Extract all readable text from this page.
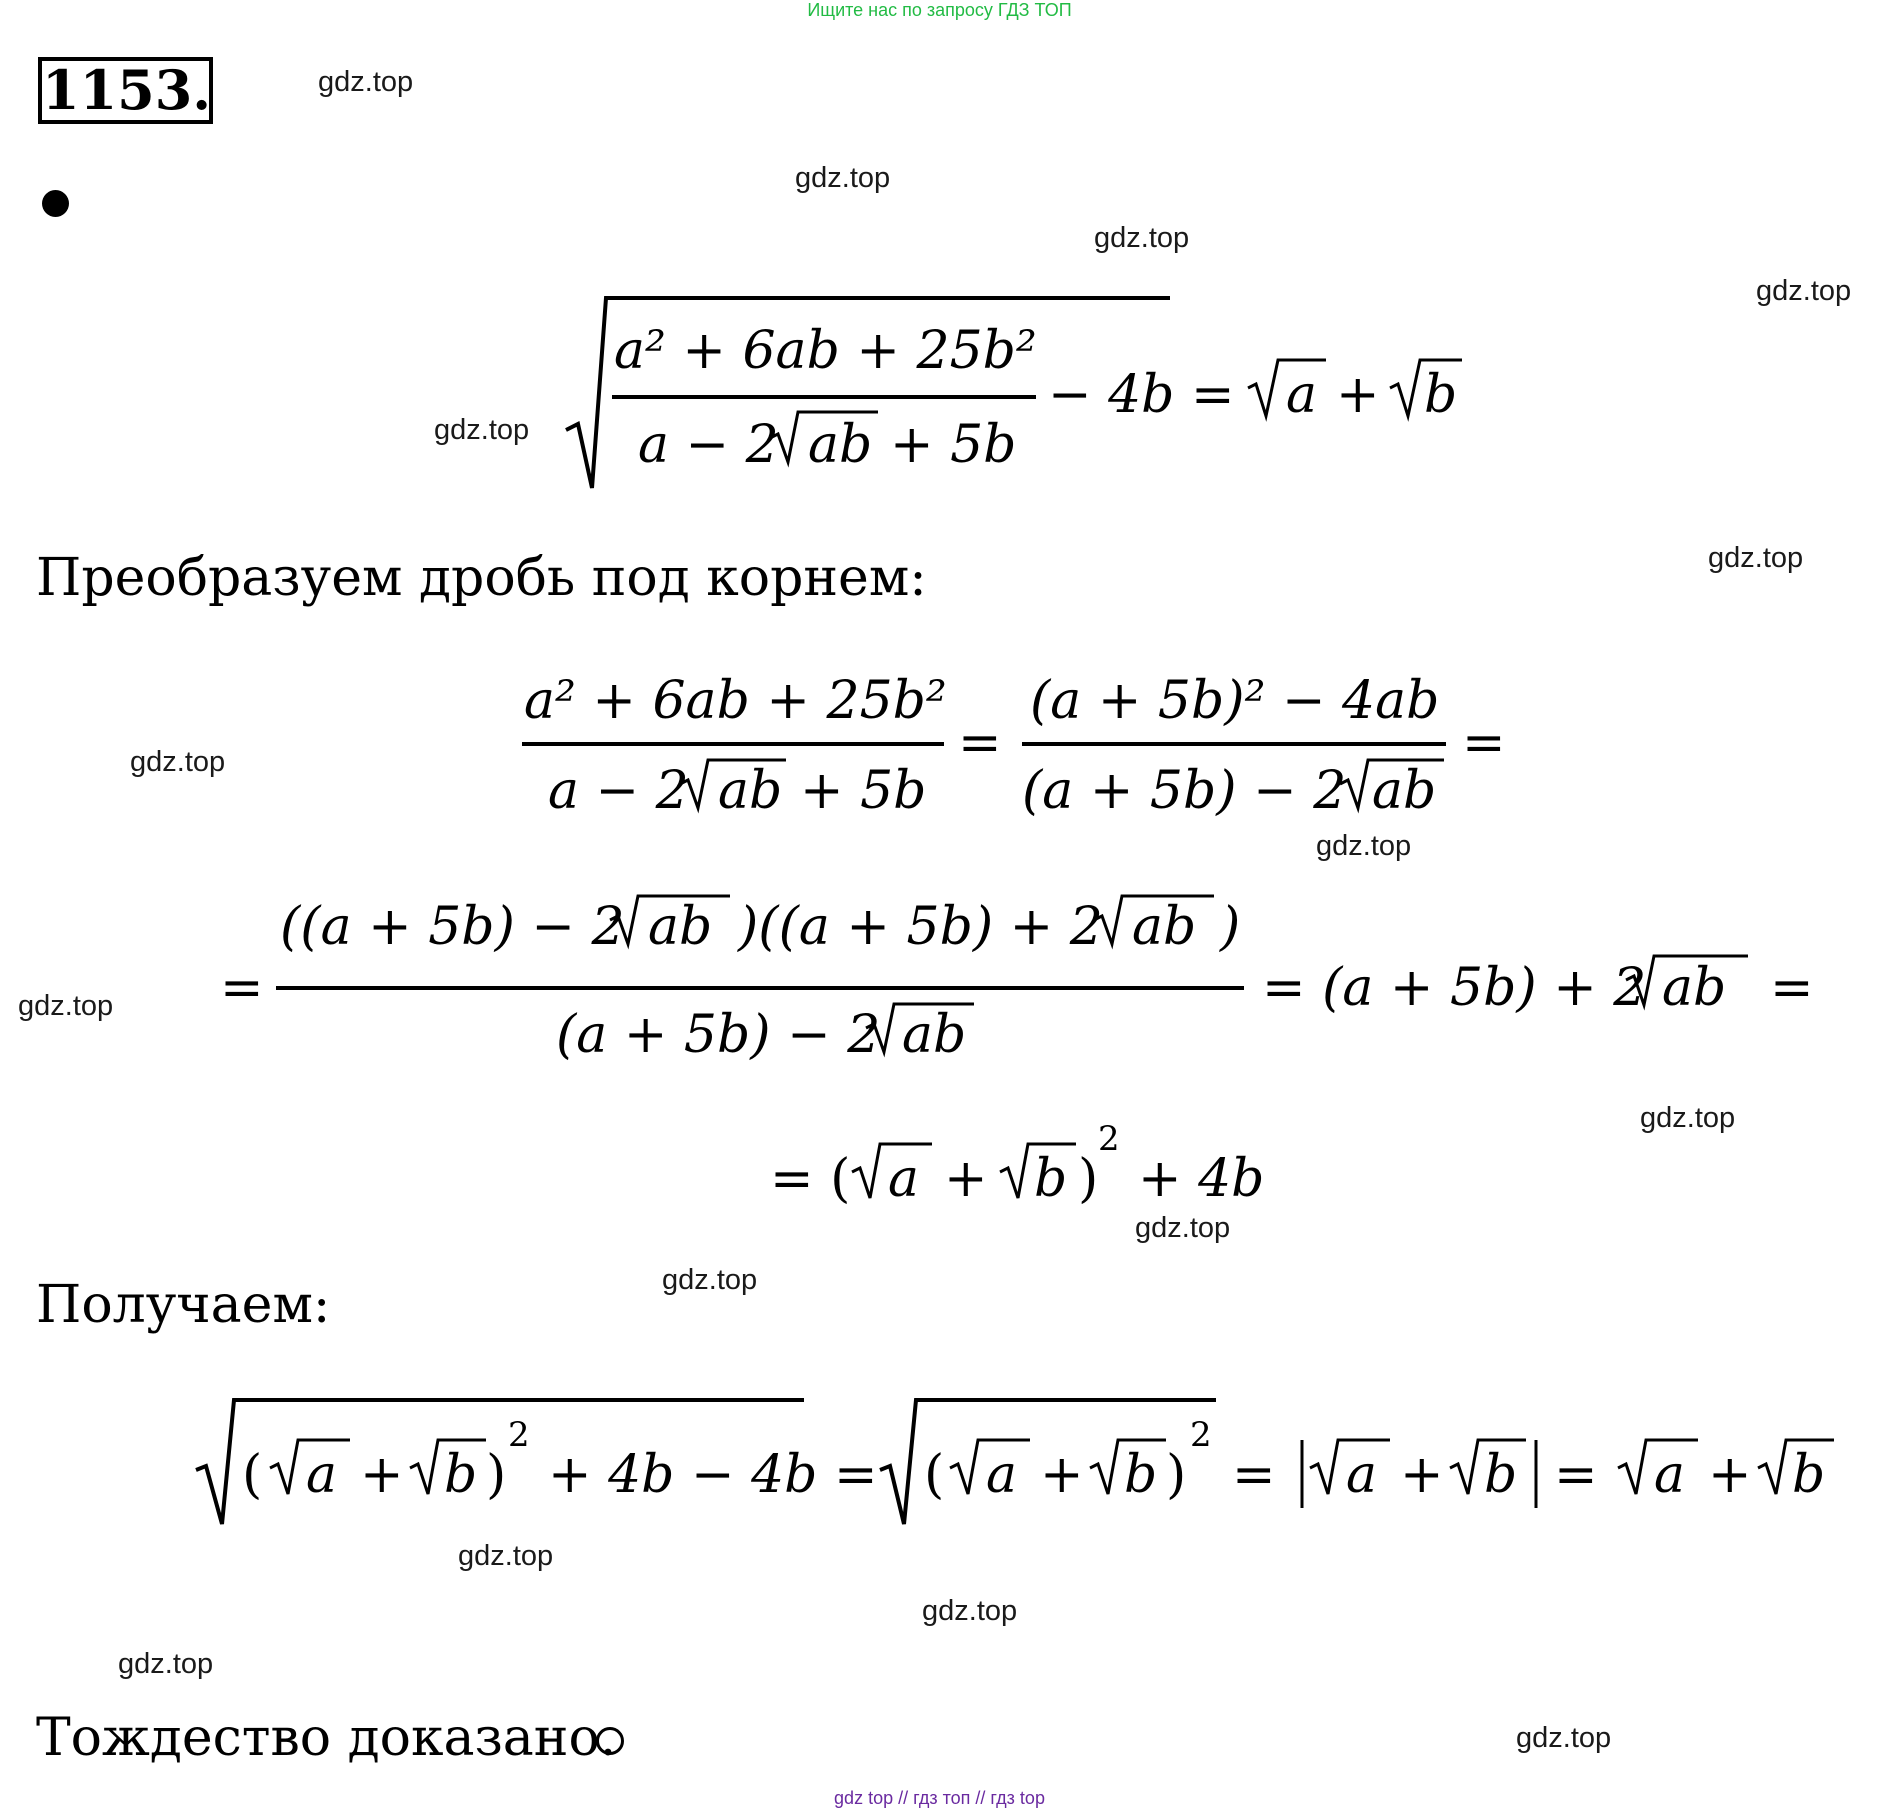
Ищите нас по запросу ГДЗ ТОП
1153.
Преобразуем дробь под корнем:
Получаем:
Тождество доказано.
gdz.top
gdz.top
gdz.top
gdz.top
gdz.top
gdz.top
gdz.top
gdz.top
gdz.top
gdz.top
gdz.top
gdz.top
gdz.top
gdz.top
gdz.top
gdz.top
a² + 6ab + 25b²
a − 2 ab + 5b
− 4b = a + b
a² + 6ab + 25b²
a − 2 ab + 5b
=
(a + 5b)² − 4ab
(a + 5b) − 2 ab
=
=
((a + 5b) − 2 ab )((a + 5b) + 2 ab )
(a + 5b) − 2 ab
= (a + 5b) + 2 ab =
= ( a + b )
2
+ 4b
( a + b )
2
+ 4b − 4b = ( a + b )
2
= a + b = a + b
gdz top // гдз топ // гдз top
